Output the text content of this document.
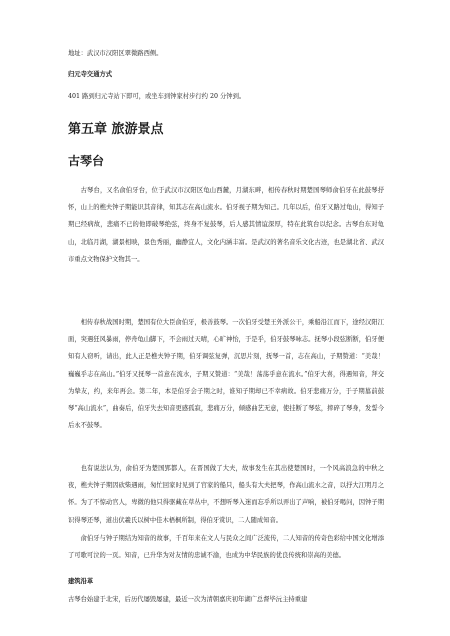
地址：武汉市汉阳区翠微路西侧。
归元寺交通方式
401 路到归元寺站下即可，或坐车到钟家村步行约 20 分钟到。
第五章 旅游景点
古琴台
古琴台，又名俞伯牙台，位于武汉市汉阳区龟山西麓，月湖东畔，相传春秋时期楚国琴师俞伯牙在此鼓琴抒怀，山上的樵夫钟子期能识其音律，知其志在高山流水。伯牙视子期为知己。几年以后，伯牙又路过龟山，得知子期已经病故，悲痛不已的他即破琴绝弦，终身不复鼓琴，后人感其情谊深厚，特在此筑台以纪念。古琴台东对龟山，北临月湖，湖景相映，景色秀丽，幽静宜人，文化内涵丰富。是武汉的著名音乐文化古迹，也是湖北省、武汉市重点文物保护文物其一。
相传春秋战国时期，楚国有位大臣俞伯牙，极善鼓琴。一次伯牙受楚王外派公干，乘船沿江而下，途经汉阳江面，突遇狂风暴雨，停舟龟山脚下，不会雨过天晴，心旷神怡，于是乎，伯牙鼓琴咏志。抚琴小段弦断断，伯牙便知有人窃听，请出，此人正是樵夫钟子期，伯牙调弦复弹，沉思片刻，抚琴一首，志在高山，子期赞道：“美哉！巍巍乎志在高山。”伯牙又抚琴一首意在流水，子期又赞道：“美哉！荡荡乎意在流水。”伯牙大喜，得遇知音，拜交为挚友，约，来年再会。第二年，本是伯牙会子期之时，谁知子期却已不幸病故。伯牙悲痛万分，于子期墓前鼓琴“高山流水”，曲奏后，伯牙失去知音更感孤寂，悲痛万分，倾感曲艺无意，使挂断了琴弦，摔碎了琴身，发誓今后永不鼓琴。
也有说法认为，俞伯牙为楚国郢都人，在晋国做了大夫，故事发生在其出使楚国时，一个风高浪急的中秋之夜，樵夫钟子期因砍柴遇雨，匆忙回家时见到了官家的船只，船头有大夫把琴，作高山流水之音，以抒大江明月之怀。为了不惊动官人，卑微的他只得驱藏在草丛中，不想听琴入迷而忘乎所以弄出了声响，被伯牙喝问，因钟子期识得琴还琴，道出伏羲氏以树中佳木梧桐所制，得伯牙赏识，二人随成知音。
俞伯牙与钟子期结为知音的故事，千百年来在文人与民众之间广泛流传，二人知音的传奇色彩给中国文化增添了可歌可泣的一页。知音，已升华为对友情的忠诚不渝，也成为中华民族的优良传统和崇高的美德。
建筑沿革
古琴台始建于北宋，后历代屡毁屡建，最近一次为清朝嘉庆初年湖广总督毕沅主持重建
